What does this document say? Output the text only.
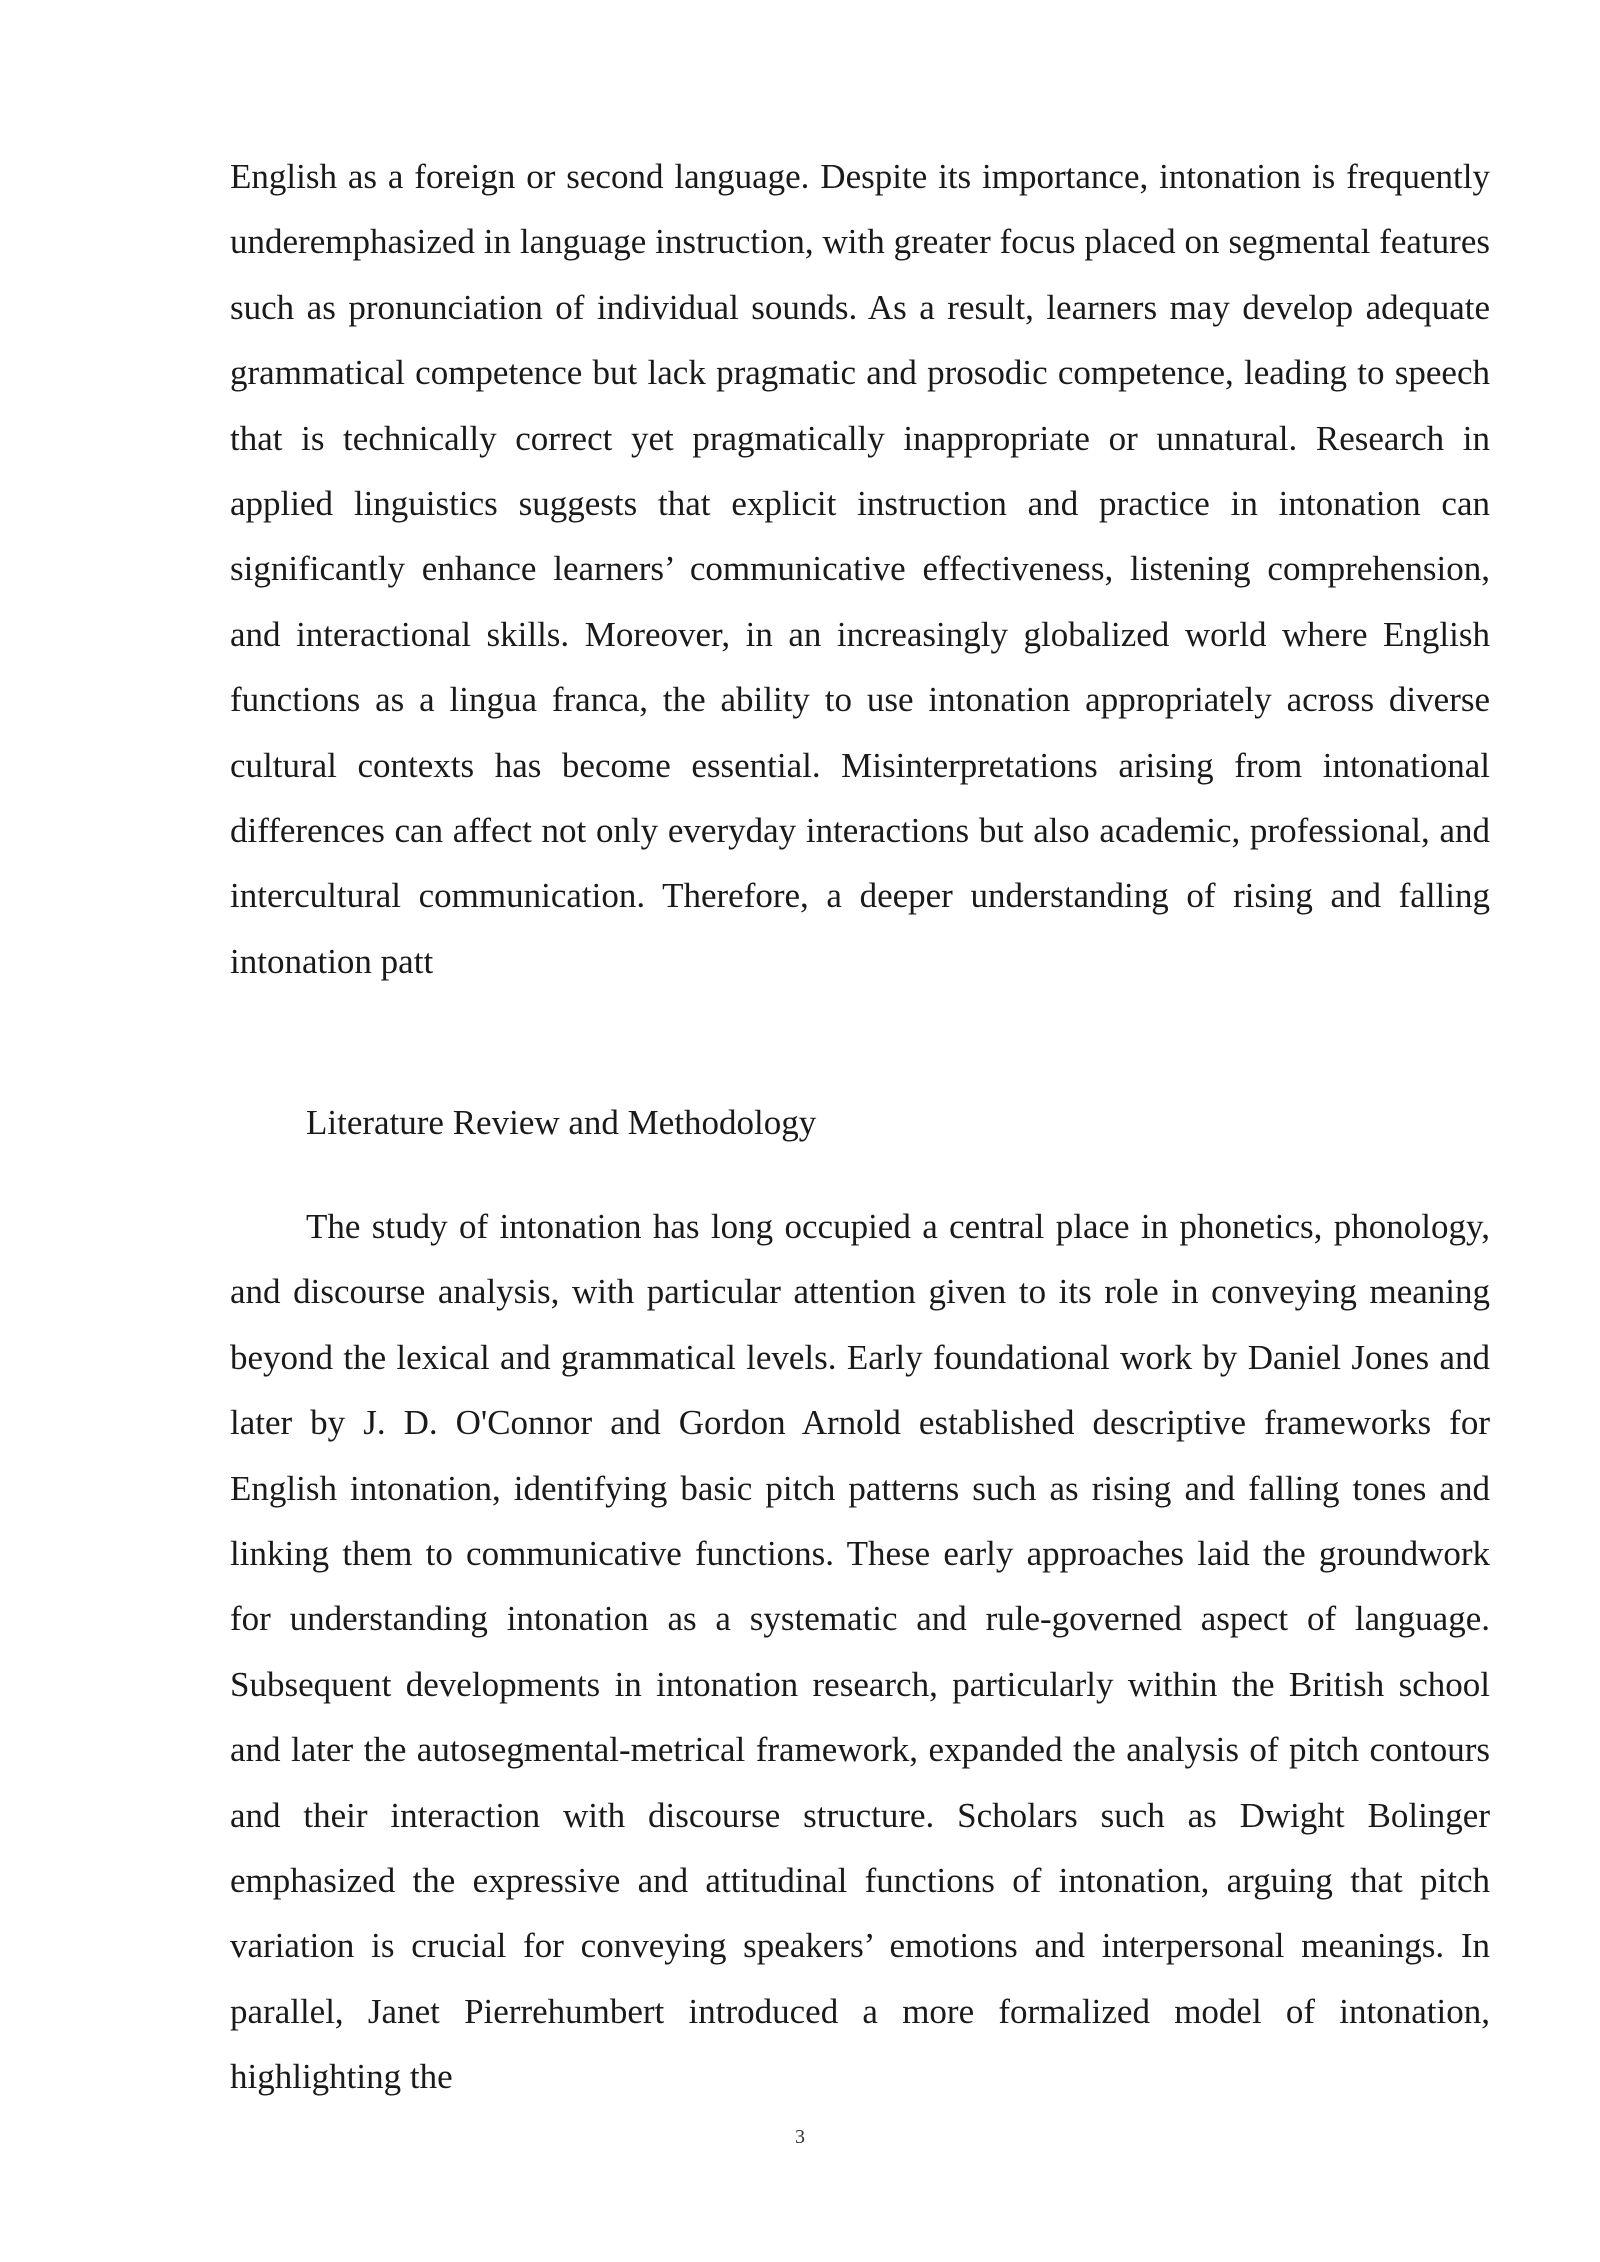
English as a foreign or second language. Despite its importance, intonation is frequently underemphasized in language instruction, with greater focus placed on segmental features such as pronunciation of individual sounds. As a result, learners may develop adequate grammatical competence but lack pragmatic and prosodic competence, leading to speech that is technically correct yet pragmatically inappropriate or unnatural. Research in applied linguistics suggests that explicit instruction and practice in intonation can significantly enhance learners’ communicative effectiveness, listening comprehension, and interactional skills. Moreover, in an increasingly globalized world where English functions as a lingua franca, the ability to use intonation appropriately across diverse cultural contexts has become essential. Misinterpretations arising from intonational differences can affect not only everyday interactions but also academic, professional, and intercultural communication. Therefore, a deeper understanding of rising and falling intonation patt

Literature Review and Methodology

The study of intonation has long occupied a central place in phonetics, phonology, and discourse analysis, with particular attention given to its role in conveying meaning beyond the lexical and grammatical levels. Early foundational work by Daniel Jones and later by J. D. O'Connor and Gordon Arnold established descriptive frameworks for English intonation, identifying basic pitch patterns such as rising and falling tones and linking them to communicative functions. These early approaches laid the groundwork for understanding intonation as a systematic and rule-governed aspect of language. Subsequent developments in intonation research, particularly within the British school and later the autosegmental-metrical framework, expanded the analysis of pitch contours and their interaction with discourse structure. Scholars such as Dwight Bolinger emphasized the expressive and attitudinal functions of intonation, arguing that pitch variation is crucial for conveying speakers’ emotions and interpersonal meanings. In parallel, Janet Pierrehumbert introduced a more formalized model of intonation, highlighting the

3
